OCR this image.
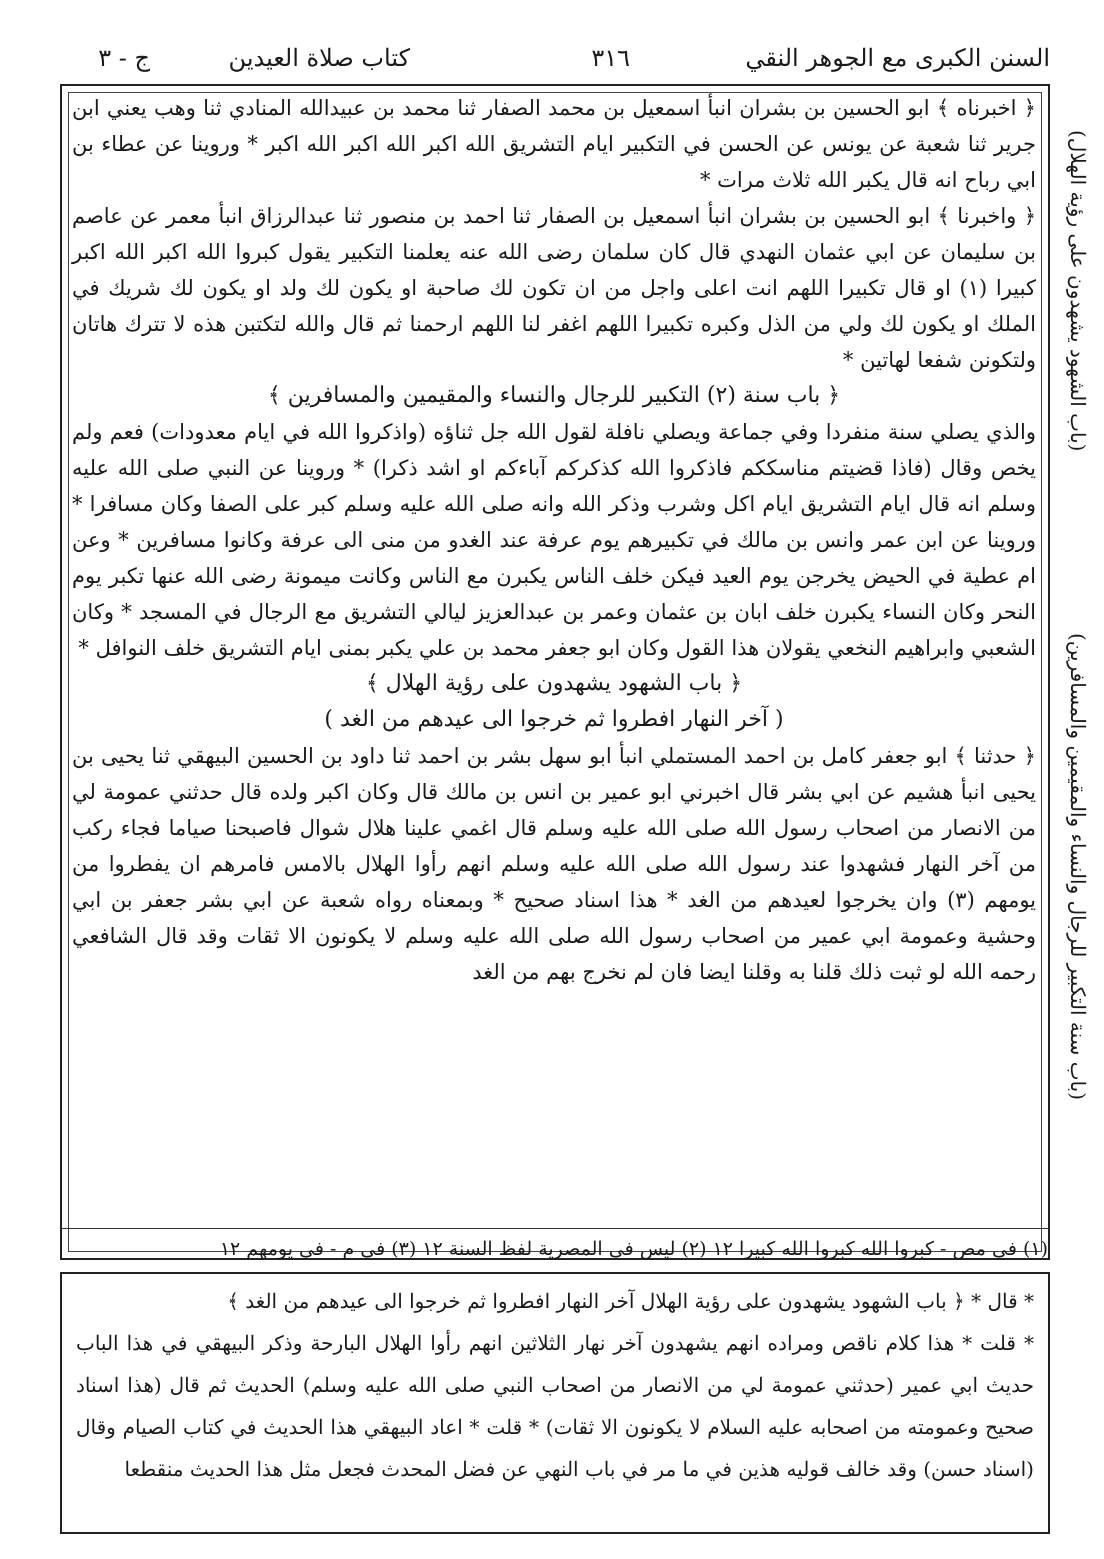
السنن الكبرى مع الجوهر النقي
٣١٦
كتاب صلاة العيدين
ج - ٣
(باب سنة التكبير للرجال والنساء والمقيمين والمسافرين)
(باب الشهود يشهدون على رؤية الهلال)

﴿ اخبرناه ﴾ ابو الحسين بن بشران انبأ اسمعيل بن محمد الصفار ثنا محمد بن عبيدالله المنادي ثنا وهب يعني ابن جرير ثنا شعبة عن يونس عن الحسن في التكبير ايام التشريق الله اكبر الله اكبر الله اكبر * وروينا عن عطاء بن ابي رباح انه قال يكبر الله ثلاث مرات *

﴿ واخبرنا ﴾ ابو الحسين بن بشران انبأ اسمعيل بن الصفار ثنا احمد بن منصور ثنا عبدالرزاق انبأ معمر عن عاصم بن سليمان عن ابي عثمان النهدي قال كان سلمان رضى الله عنه يعلمنا التكبير يقول كبروا الله اكبر الله اكبر كبيرا (١) او قال تكبيرا اللهم انت اعلى واجل من ان تكون لك صاحبة او يكون لك ولد او يكون لك شريك في الملك او يكون لك ولي من الذل وكبره تكبيرا اللهم اغفر لنا اللهم ارحمنا ثم قال والله لتكتبن هذه لا تترك هاتان ولتكونن شفعا لهاتين *

﴿ باب سنة (٢) التكبير للرجال والنساء والمقيمين والمسافرين ﴾

والذي يصلي سنة منفردا وفي جماعة ويصلي نافلة لقول الله جل ثناؤه (واذكروا الله في ايام معدودات) فعم ولم يخص وقال (فاذا قضيتم مناسككم فاذكروا الله كذكركم آباءكم او اشد ذكرا) * وروينا عن النبي صلى الله عليه وسلم انه قال ايام التشريق ايام اكل وشرب وذكر الله وانه صلى الله عليه وسلم كبر على الصفا وكان مسافرا * وروينا عن ابن عمر وانس بن مالك في تكبيرهم يوم عرفة عند الغدو من منى الى عرفة وكانوا مسافرين * وعن ام عطية في الحيض يخرجن يوم العيد فيكن خلف الناس يكبرن مع الناس وكانت ميمونة رضى الله عنها تكبر يوم النحر وكان النساء يكبرن خلف ابان بن عثمان وعمر بن عبدالعزيز ليالي التشريق مع الرجال في المسجد * وكان الشعبي وابراهيم النخعي يقولان هذا القول وكان ابو جعفر محمد بن علي يكبر بمنى ايام التشريق خلف النوافل *

﴿ باب الشهود يشهدون على رؤية الهلال ﴾

( آخر النهار افطروا ثم خرجوا الى عيدهم من الغد )

﴿ حدثنا ﴾ ابو جعفر كامل بن احمد المستملي انبأ ابو سهل بشر بن احمد ثنا داود بن الحسين البيهقي ثنا يحيى بن يحيى انبأ هشيم عن ابي بشر قال اخبرني ابو عمير بن انس بن مالك قال وكان اكبر ولده قال حدثني عمومة لي من الانصار من اصحاب رسول الله صلى الله عليه وسلم قال اغمي علينا هلال شوال فاصبحنا صياما فجاء ركب من آخر النهار فشهدوا عند رسول الله صلى الله عليه وسلم انهم رأوا الهلال بالامس فامرهم ان يفطروا من يومهم (٣) وان يخرجوا لعيدهم من الغد * هذا اسناد صحيح * وبمعناه رواه شعبة عن ابي بشر جعفر بن ابي وحشية وعمومة ابي عمير من اصحاب رسول الله صلى الله عليه وسلم لا يكونون الا ثقات وقد قال الشافعي رحمه الله لو ثبت ذلك قلنا به وقلنا ايضا فان لم نخرج بهم من الغد

(١) في مص - كبروا الله كبروا الله كبيرا ١٢ (٢) ليس في المصرية لفظ السنة ١٢ (٣) في م - في يومهم ١٢

* قال * ﴿ باب الشهود يشهدون على رؤية الهلال آخر النهار افطروا ثم خرجوا الى عيدهم من الغد ﴾

* قلت * هذا كلام ناقص ومراده انهم يشهدون آخر نهار الثلاثين انهم رأوا الهلال البارحة وذكر البيهقي في هذا الباب حديث ابي عمير (حدثني عمومة لي من الانصار من اصحاب النبي صلى الله عليه وسلم) الحديث ثم قال (هذا اسناد صحيح وعمومته من اصحابه عليه السلام لا يكونون الا ثقات) * قلت * اعاد البيهقي هذا الحديث في كتاب الصيام وقال (اسناد حسن) وقد خالف قوليه هذين في ما مر في باب النهي عن فضل المحدث فجعل مثل هذا الحديث منقطعا
